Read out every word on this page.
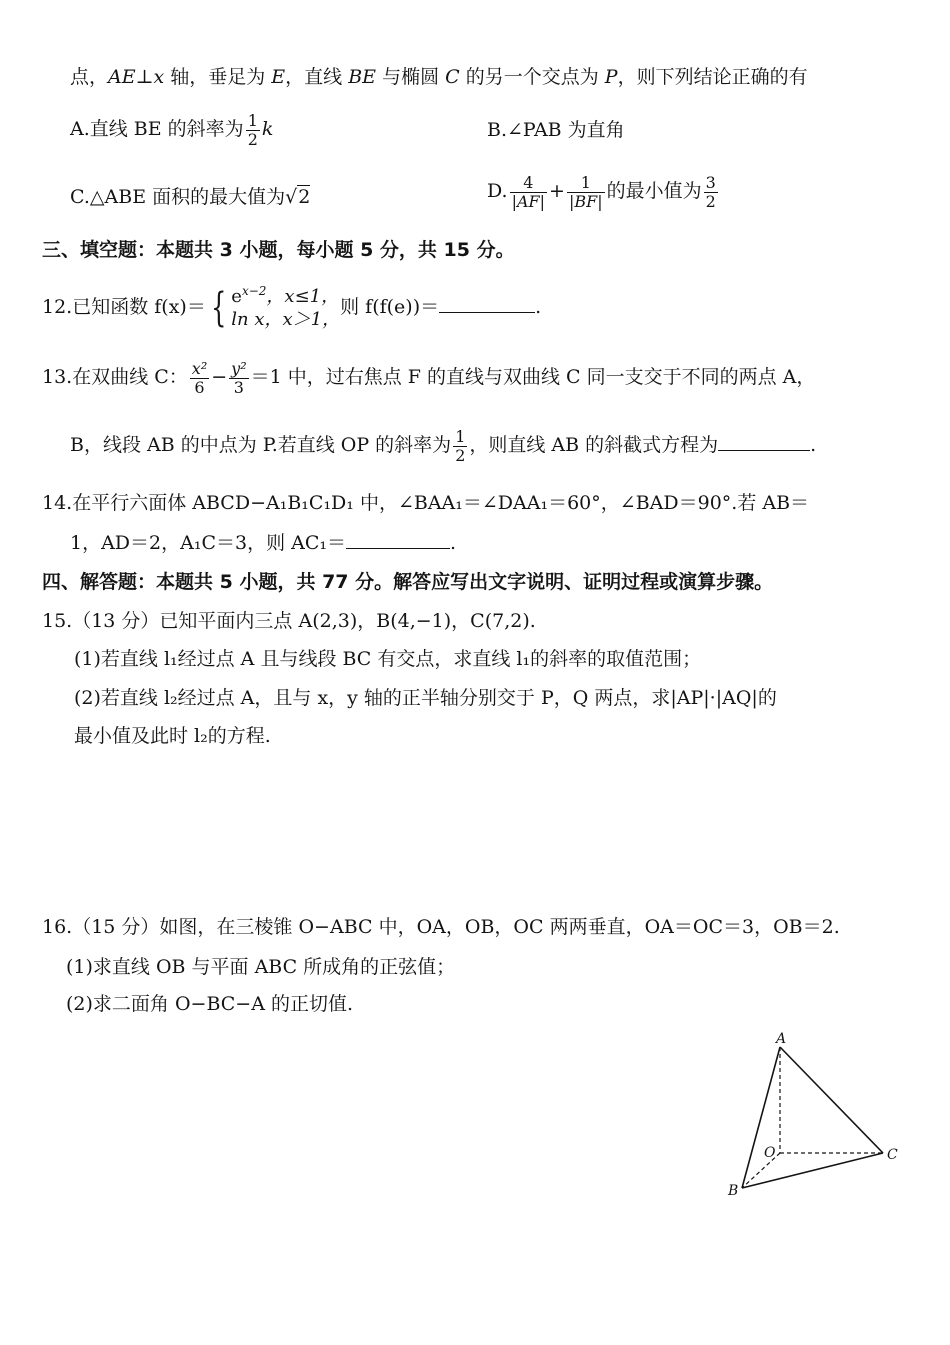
点，AE⊥x 轴，垂足为 E，直线 BE 与椭圆 C 的另一个交点为 P，则下列结论正确的有
A.直线 BE 的斜率为 $\frac{1}{2}$ k	B.∠PAB 为直角
C.△ABE 面积的最大值为√2	D. $\frac{4}{|AF|} + \frac{1}{|BF|}$ 的最小值为 $\frac{3}{2}$
三、填空题：本题共 3 小题，每小题 5 分，共 15 分。
12.已知函数 f(x)＝ { $e^{x-2}$，x≤1，
ln x，x＞1，
则 f(f(e))＝	.
13.在双曲线 C： $\frac{\text{x²}}{6} - \frac{\text{y²}}{3} =1$ 中，过右焦点 F 的直线与双曲线 C 同一支交于不同的两点 A，
B，线段 AB 的中点为 P.若直线 OP 的斜率为 $\frac{1}{2}$ ，则直线 AB 的斜截式方程为	.
14.在平行六面体 ABCD−A₁B₁C₁D₁ 中，∠BAA₁＝∠DAA₁＝60°，∠BAD＝90°.若 AB＝
1，AD＝2，A₁C＝3，则 AC₁＝	.
四、解答题：本题共 5 小题，共 77 分。解答应写出文字说明、证明过程或演算步骤。
15.（13 分）已知平面内三点 A(2,3)，B(4,−1)，C(7,2).
(1)若直线 l₁经过点 A 且与线段 BC 有交点，求直线 l₁的斜率的取值范围；
(2)若直线 l₂经过点 A，且与 x，y 轴的正半轴分别交于 P，Q 两点，求|AP|·|AQ|的
最小值及此时 l₂的方程.
16.（15 分）如图，在三棱锥 O−ABC 中，OA，OB，OC 两两垂直，OA＝OC＝3，OB＝2.
(1)求直线 OB 与平面 ABC 所成角的正弦值；
(2)求二面角 O−BC−A 的正切值.
A
O
B
C
